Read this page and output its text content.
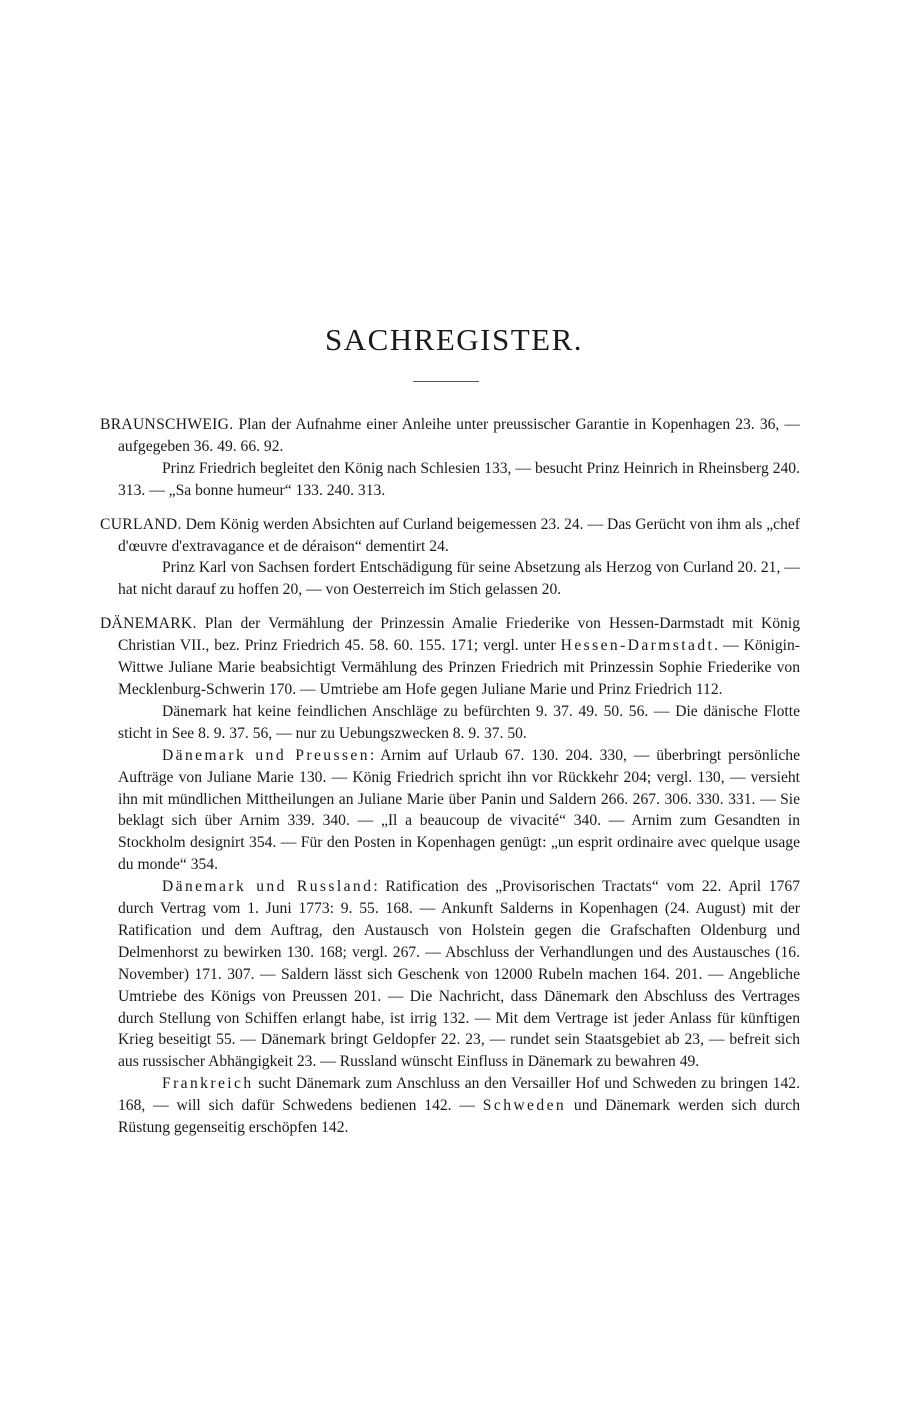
SACHREGISTER.

BRAUNSCHWEIG. Plan der Aufnahme einer Anleihe unter preussischer Garantie in Kopenhagen 23. 36, — aufgegeben 36. 49. 66. 92.

Prinz Friedrich begleitet den König nach Schlesien 133, — besucht Prinz Heinrich in Rheinsberg 240. 313. — „Sa bonne humeur“ 133. 240. 313.

CURLAND. Dem König werden Absichten auf Curland beigemessen 23. 24. — Das Gerücht von ihm als „chef d'œuvre d'extravagance et de déraison“ dementirt 24.

Prinz Karl von Sachsen fordert Entschädigung für seine Absetzung als Herzog von Curland 20. 21, — hat nicht darauf zu hoffen 20, — von Oesterreich im Stich gelassen 20.

DÄNEMARK. Plan der Vermählung der Prinzessin Amalie Friederike von Hessen-Darmstadt mit König Christian VII., bez. Prinz Friedrich 45. 58. 60. 155. 171; vergl. unter Hessen-Darmstadt. — Königin-Wittwe Juliane Marie beabsichtigt Vermählung des Prinzen Friedrich mit Prinzessin Sophie Friederike von Mecklenburg-Schwerin 170. — Umtriebe am Hofe gegen Juliane Marie und Prinz Friedrich 112.

Dänemark hat keine feindlichen Anschläge zu befürchten 9. 37. 49. 50. 56. — Die dänische Flotte sticht in See 8. 9. 37. 56, — nur zu Uebungszwecken 8. 9. 37. 50.

Dänemark und Preussen: Arnim auf Urlaub 67. 130. 204. 330, — überbringt persönliche Aufträge von Juliane Marie 130. — König Friedrich spricht ihn vor Rückkehr 204; vergl. 130, — versieht ihn mit mündlichen Mittheilungen an Juliane Marie über Panin und Saldern 266. 267. 306. 330. 331. — Sie beklagt sich über Arnim 339. 340. — „Il a beaucoup de vivacité“ 340. — Arnim zum Gesandten in Stockholm designirt 354. — Für den Posten in Kopenhagen genügt: „un esprit ordinaire avec quelque usage du monde“ 354.

Dänemark und Russland: Ratification des „Provisorischen Tractats“ vom 22. April 1767 durch Vertrag vom 1. Juni 1773: 9. 55. 168. — Ankunft Salderns in Kopenhagen (24. August) mit der Ratification und dem Auftrag, den Austausch von Holstein gegen die Grafschaften Oldenburg und Delmenhorst zu bewirken 130. 168; vergl. 267. — Abschluss der Verhandlungen und des Austausches (16. November) 171. 307. — Saldern lässt sich Geschenk von 12000 Rubeln machen 164. 201. — Angebliche Umtriebe des Königs von Preussen 201. — Die Nachricht, dass Dänemark den Abschluss des Vertrages durch Stellung von Schiffen erlangt habe, ist irrig 132. — Mit dem Vertrage ist jeder Anlass für künftigen Krieg beseitigt 55. — Dänemark bringt Geldopfer 22. 23, — rundet sein Staatsgebiet ab 23, — befreit sich aus russischer Abhängigkeit 23. — Russland wünscht Einfluss in Dänemark zu bewahren 49.

Frankreich sucht Dänemark zum Anschluss an den Versailler Hof und Schweden zu bringen 142. 168, — will sich dafür Schwedens bedienen 142. — Schweden und Dänemark werden sich durch Rüstung gegenseitig erschöpfen 142.
